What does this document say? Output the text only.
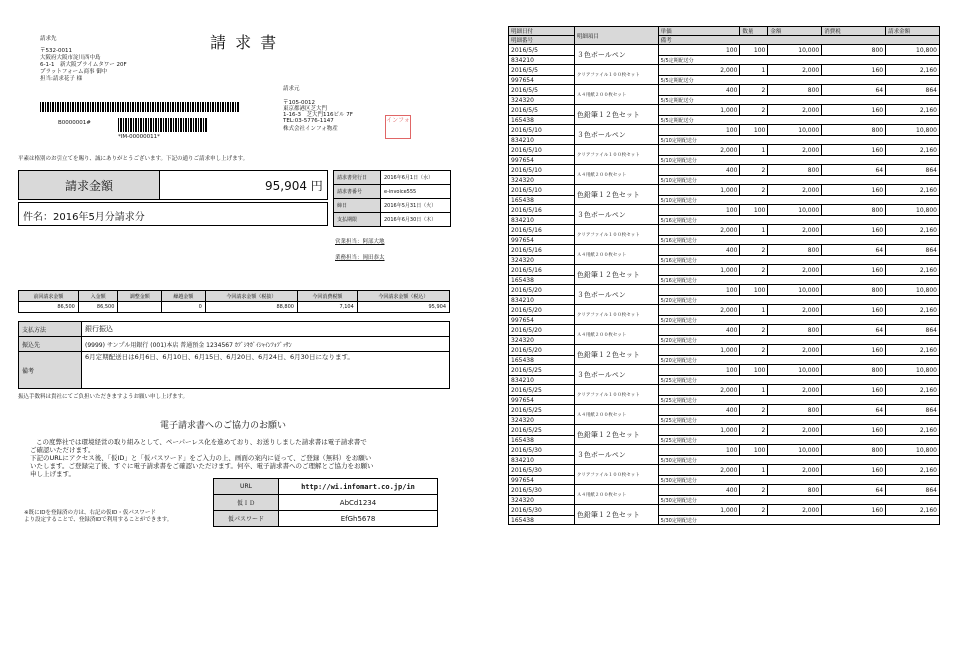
請 求 書
請求先
〒532-0011
大阪府大阪市淀川西中島
6-1-1　新大阪プライムタワー 20F
プラットフォーム商事 御中
担当:請求花子 様
B0000001#
*IM-00000011*
請求元
〒105-0012
東京都港区芝大門
1-16-3　芝大門116ビル 7F
TEL:03-5776-1147
株式会社インフォ物産
インフォ
平素は格別のお引立てを賜り、誠にありがとうございます。下記の通りご請求申し上げます。
請求金額	95,904 円
件名：2016年5月分請求分
請求書発行日	2016年6月1日（水）
請求書番号	e-invoice555
締日	2016年5月31日（火）
支払期限	2016年6月30日（木）
営業担当：阿部大地
業務担当：岡田恭太
前回請求金額	入金額	調整金額	繰越金額	今回請求金額（税抜）	今回消費税額	今回請求金額（税込）
86,500	86,500		0	88,800	7,104	95,904
支払方法	銀行振込
振込先	(9999) サンプル用銀行 (001)本店 普通預金 1234567 ｶﾌﾞｼｷｶﾞｲｼｬｲﾝﾌｫﾌﾞｯｻﾝ
備考	6月定期配送日は6月6日、6月10日、6月15日、6月20日、6月24日、6月30日になります。
振込手数料は貴社にてご負担いただきますようお願い申し上げます。
電子請求書へのご協力のお願い
この度弊社では環境経営の取り組みとして、ペーパーレス化を進めており、お送りしました請求書は電子請求書で
ご確認いただけます。
下記のURLにアクセス後、「仮ID」と「仮パスワード」をご入力の上、画面の案内に従って、ご登録（無料）をお願い
いたします。ご登録完了後、すぐに電子請求書をご確認いただけます。何卒、電子請求書へのご理解とご協力をお願い
申し上げます。
URL	http://wi.infomart.co.jp/in
仮ＩＤ	AbCd1234
仮パスワード	EfGh5678
※既にIDを登録済の方は、右記の仮ID・仮パスワード
より設定することで、登録済IDで利用することができます。
明細日付	明細項目	単価	数量	金額	消費税	請求金額
明細番号		備考				
2016/5/5	３色ボールペン	100	100	10,000	800	10,800
834210		5/5定期配送分				
2016/5/5	クリアファイル１００枚セット	2,000	1	2,000	160	2,160
997654		5/5定期配送分				
2016/5/5	Ａ４用紙２００枚セット	400	2	800	64	864
324320		5/5定期配送分				
2016/5/5	色鉛筆１２色セット	1,000	2	2,000	160	2,160
165438		5/5定期配送分				
2016/5/10	３色ボールペン	100	100	10,000	800	10,800
834210		5/10定期配送分				
2016/5/10	クリアファイル１００枚セット	2,000	1	2,000	160	2,160
997654		5/10定期配送分				
2016/5/10	Ａ４用紙２００枚セット	400	2	800	64	864
324320		5/10定期配送分				
2016/5/10	色鉛筆１２色セット	1,000	2	2,000	160	2,160
165438		5/10定期配送分				
2016/5/16	３色ボールペン	100	100	10,000	800	10,800
834210		5/16定期配送分				
2016/5/16	クリアファイル１００枚セット	2,000	1	2,000	160	2,160
997654		5/16定期配送分				
2016/5/16	Ａ４用紙２００枚セット	400	2	800	64	864
324320		5/16定期配送分				
2016/5/16	色鉛筆１２色セット	1,000	2	2,000	160	2,160
165438		5/16定期配送分				
2016/5/20	３色ボールペン	100	100	10,000	800	10,800
834210		5/20定期配送分				
2016/5/20	クリアファイル１００枚セット	2,000	1	2,000	160	2,160
997654		5/20定期配送分				
2016/5/20	Ａ４用紙２００枚セット	400	2	800	64	864
324320		5/20定期配送分				
2016/5/20	色鉛筆１２色セット	1,000	2	2,000	160	2,160
165438		5/20定期配送分				
2016/5/25	３色ボールペン	100	100	10,000	800	10,800
834210		5/25定期配送分				
2016/5/25	クリアファイル１００枚セット	2,000	1	2,000	160	2,160
997654		5/25定期配送分				
2016/5/25	Ａ４用紙２００枚セット	400	2	800	64	864
324320		5/25定期配送分				
2016/5/25	色鉛筆１２色セット	1,000	2	2,000	160	2,160
165438		5/25定期配送分				
2016/5/30	３色ボールペン	100	100	10,000	800	10,800
834210		5/30定期配送分				
2016/5/30	クリアファイル１００枚セット	2,000	1	2,000	160	2,160
997654		5/30定期配送分				
2016/5/30	Ａ４用紙２００枚セット	400	2	800	64	864
324320		5/30定期配送分				
2016/5/30	色鉛筆１２色セット	1,000	2	2,000	160	2,160
165438		5/30定期配送分				
